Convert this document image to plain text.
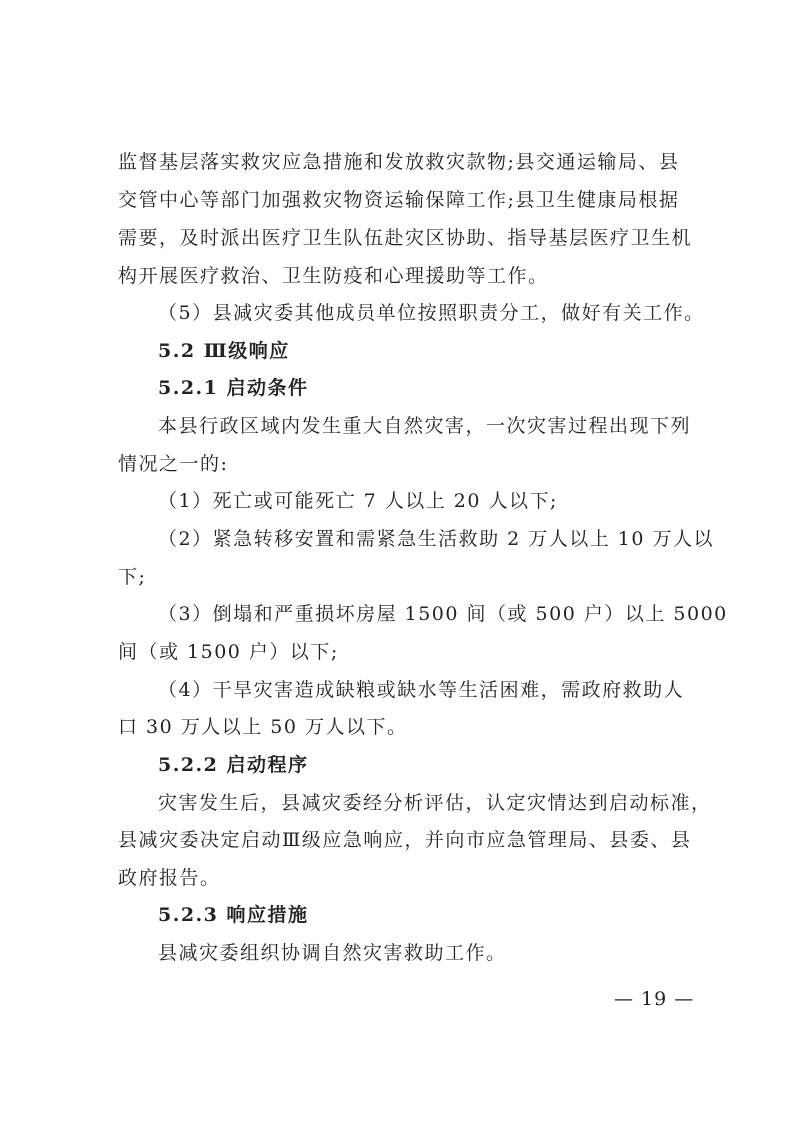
监督基层落实救灾应急措施和发放救灾款物;县交通运输局、县
交管中心等部门加强救灾物资运输保障工作;县卫生健康局根据
需要，及时派出医疗卫生队伍赴灾区协助、指导基层医疗卫生机
构开展医疗救治、卫生防疫和心理援助等工作。
（5）县减灾委其他成员单位按照职责分工，做好有关工作。
5.2 Ⅲ级响应
5.2.1 启动条件
本县行政区域内发生重大自然灾害，一次灾害过程出现下列
情况之一的:
（1）死亡或可能死亡 7 人以上 20 人以下;
（2）紧急转移安置和需紧急生活救助 2 万人以上 10 万人以
下;
（3）倒塌和严重损坏房屋 1500 间（或 500 户）以上 5000
间（或 1500 户）以下;
（4）干旱灾害造成缺粮或缺水等生活困难，需政府救助人
口 30 万人以上 50 万人以下。
5.2.2 启动程序
灾害发生后，县减灾委经分析评估，认定灾情达到启动标准，
县减灾委决定启动Ⅲ级应急响应，并向市应急管理局、县委、县
政府报告。
5.2.3 响应措施
县减灾委组织协调自然灾害救助工作。
— 19 —
